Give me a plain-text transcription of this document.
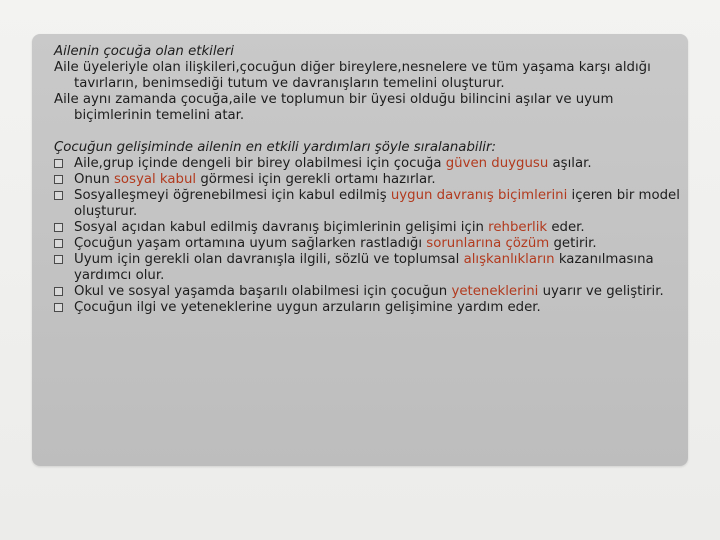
Ailenin çocuğa olan etkileri

Aile üyeleriyle olan ilişkileri,çocuğun diğer bireylere,nesnelere ve tüm yaşama karşı aldığı tavırların, benimsediği tutum ve davranışların temelini oluşturur.

Aile aynı zamanda çocuğa,aile ve toplumun bir üyesi olduğu bilincini aşılar ve uyum biçimlerinin temelini atar.

Çocuğun gelişiminde ailenin en etkili yardımları şöyle sıralanabilir:

Aile,grup içinde dengeli bir birey olabilmesi için çocuğa güven duygusu aşılar.
Onun sosyal kabul görmesi için gerekli ortamı hazırlar.
Sosyalleşmeyi öğrenebilmesi için kabul edilmiş uygun davranış biçimlerini içeren bir model oluşturur.
Sosyal açıdan kabul edilmiş davranış biçimlerinin gelişimi için rehberlik eder.
Çocuğun yaşam ortamına uyum sağlarken rastladığı sorunlarına çözüm getirir.
Uyum için gerekli olan davranışla ilgili, sözlü ve toplumsal alışkanlıkların kazanılmasına yardımcı olur.
Okul ve sosyal yaşamda başarılı olabilmesi için çocuğun yeteneklerini uyarır ve geliştirir.
Çocuğun ilgi ve yeteneklerine uygun arzuların gelişimine yardım eder.
